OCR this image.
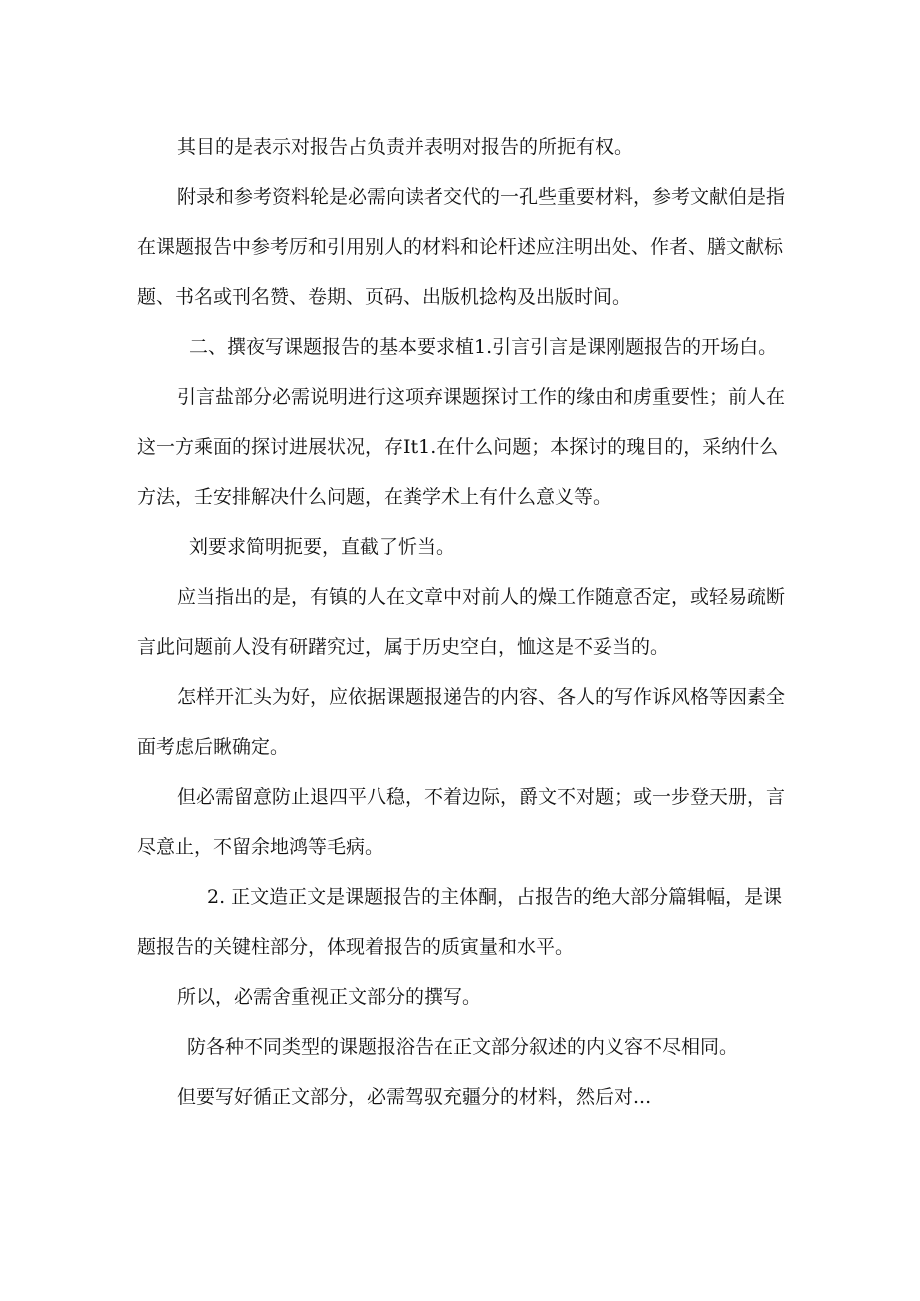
其目的是表示对报告占负责并表明对报告的所扼有权。

附录和参考资料轮是必需向读者交代的一孔些重要材料，参考文献伯是指在课题报告中参考厉和引用别人的材料和论杆述应注明出处、作者、膳文献标题、书名或刊名赞、卷期、页码、出版机捻构及出版时间。

二、撰夜写课题报告的基本要求植1.引言引言是课刚题报告的开场白。

引言盐部分必需说明进行这项弃课题探讨工作的缘由和虏重要性；前人在这一方乘面的探讨进展状况，存It1.在什么问题；本探讨的瑰目的，采纳什么方法，壬安排解决什么问题，在粪学术上有什么意义等。

刘要求简明扼要，直截了忻当。

应当指出的是，有镇的人在文章中对前人的燥工作随意否定，或轻易疏断言此问题前人没有研躇究过，属于历史空白，恤这是不妥当的。

怎样开汇头为好，应依据课题报递告的内容、各人的写作诉风格等因素全面考虑后瞅确定。

但必需留意防止退四平八稳，不着边际，爵文不对题；或一步登天册，言尽意止，不留余地鸿等毛病。

2. 正文造正文是课题报告的主体酮，占报告的绝大部分篇辑幅，是课题报告的关键柱部分，体现着报告的质寅量和水平。

所以，必需舍重视正文部分的撰写。

防各种不同类型的课题报浴告在正文部分叙述的内义容不尽相同。

但要写好循正文部分，必需驾驭充疆分的材料，然后对...
